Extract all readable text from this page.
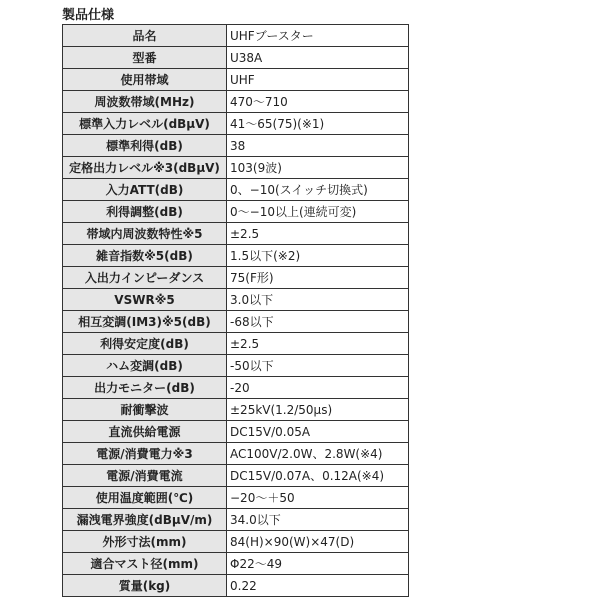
製品仕様
品名	UHFブースター
型番	U38A
使用帯域	UHF
周波数帯域(MHz)	470〜710
標準入力レベル(dBμV)	41〜65(75)(※1)
標準利得(dB)	38
定格出力レベル※3(dBμV)	103(9波)
入力ATT(dB)	0、−10(スイッチ切換式)
利得調整(dB)	0〜−10以上(連続可変)
帯域内周波数特性※5	±2.5
雑音指数※5(dB)	1.5以下(※2)
入出力インピーダンス	75(F形)
VSWR※5	3.0以下
相互変調(IM3)※5(dB)	-68以下
利得安定度(dB)	±2.5
ハム変調(dB)	-50以下
出力モニター(dB)	-20
耐衝撃波	±25kV(1.2/50μs)
直流供給電源	DC15V/0.05A
電源/消費電力※3	AC100V/2.0W、2.8W(※4)
電源/消費電流	DC15V/0.07A、0.12A(※4)
使用温度範囲(℃)	−20〜＋50
漏洩電界強度(dBμV/m)	34.0以下
外形寸法(mm)	84(H)×90(W)×47(D)
適合マスト径(mm)	Φ22〜49
質量(kg)	0.22
